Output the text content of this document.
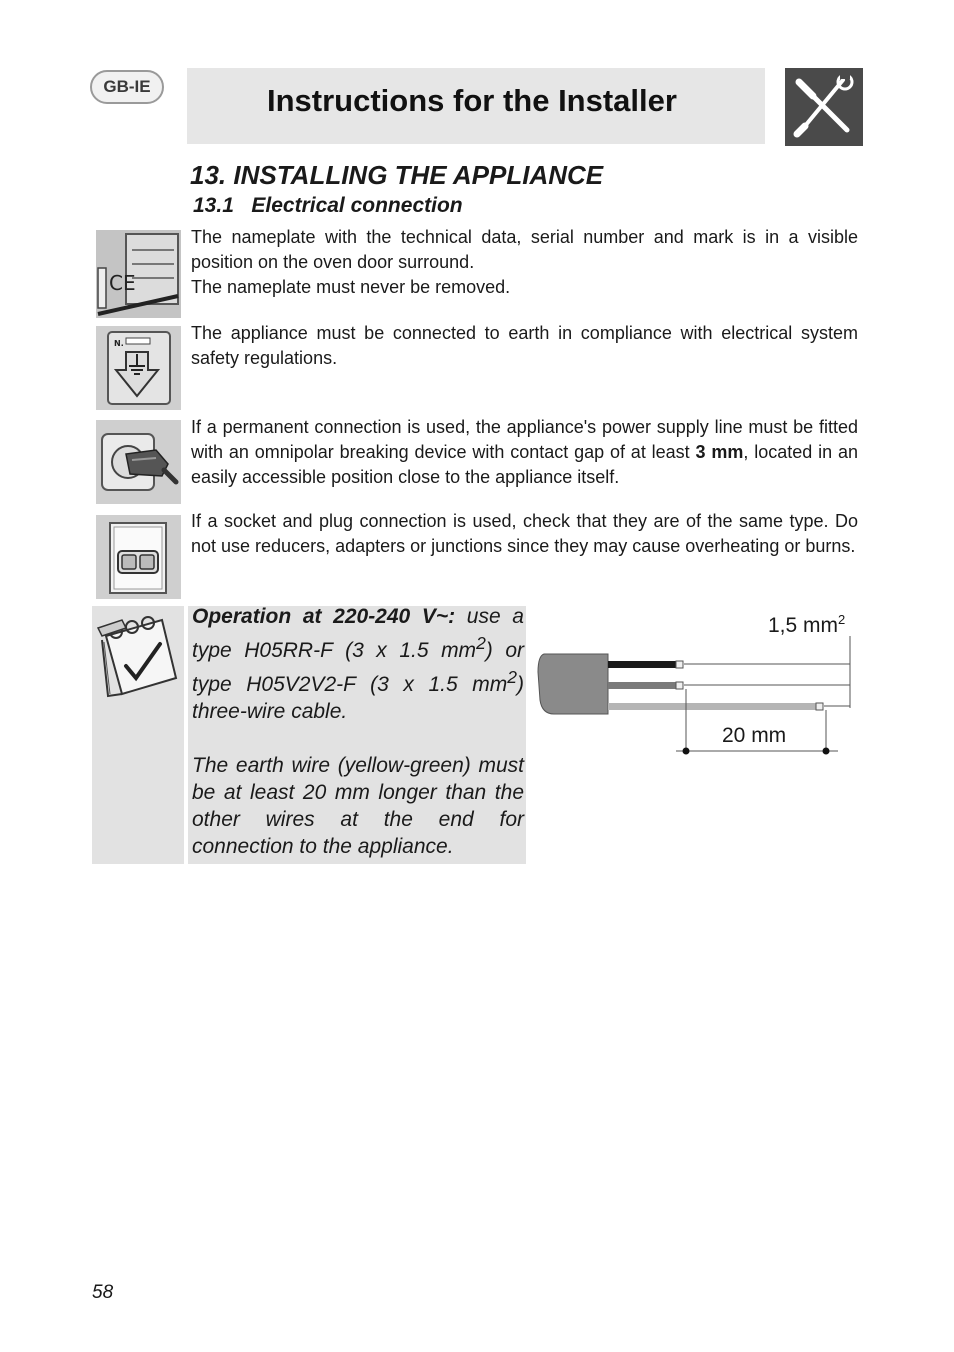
GB-IE	Instructions for the Installer
13. INSTALLING THE APPLIANCE
13.1   Electrical connection
CE

The nameplate with the technical data, serial number and mark is in a visible position on the oven door surround.

The nameplate must never be removed.

N.

The appliance must be connected to earth in compliance with electrical system safety regulations.

If a permanent connection is used, the appliance's power supply line must be fitted with an omnipolar breaking device with contact gap of at least 3 mm, located in an easily accessible position close to the appliance itself.

If a socket and plug connection is used, check that they are of the same type. Do not use reducers, adapters or junctions since they may cause overheating or burns.

Operation at 220-240 V~: use a type H05RR-F (3 x 1.5 $mm^2$) or type H05V2V2-F (3 x 1.5 $mm^2$) three-wire cable.

The earth wire (yellow-green) must be at least 20 mm longer than the other wires at the end for connection to the appliance.

1,5 $mm^2$
20 mm
58
